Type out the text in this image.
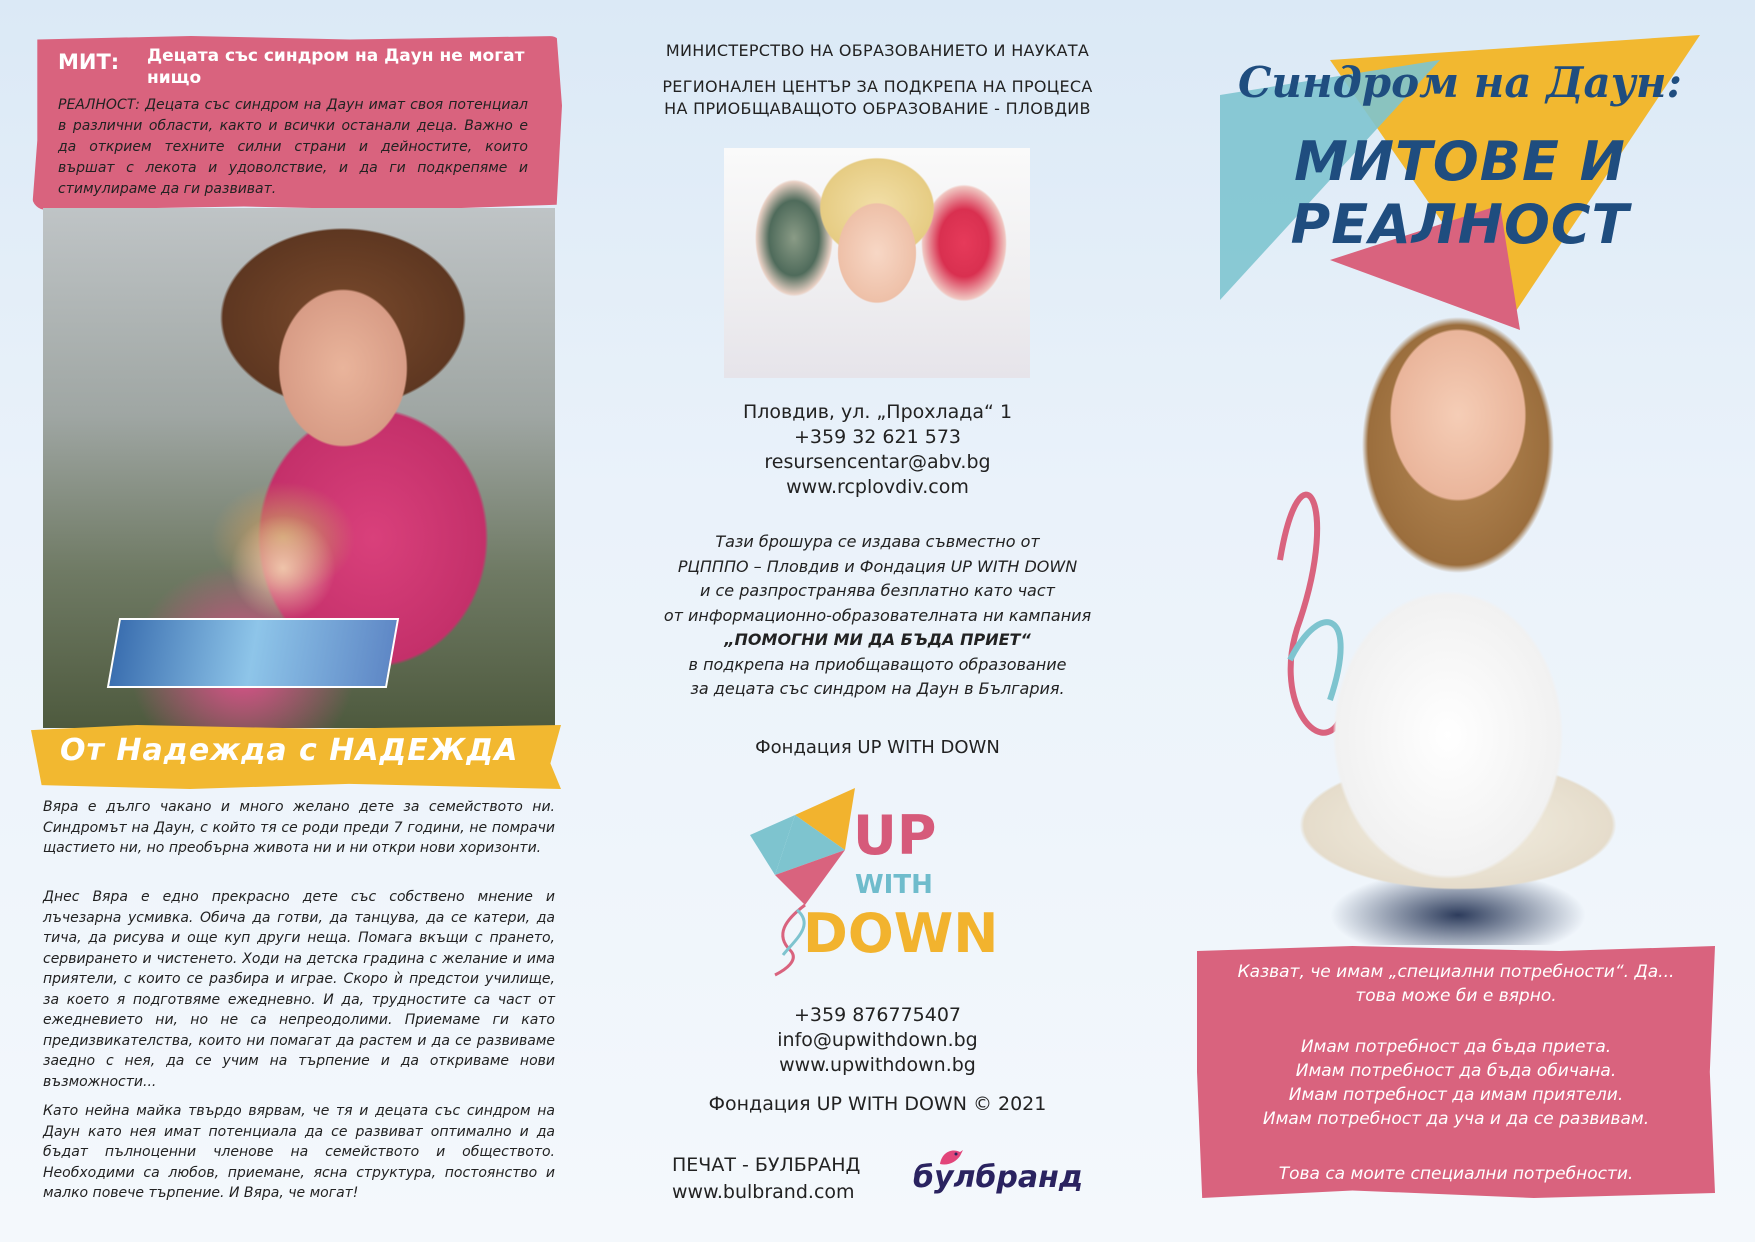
МИТ: Децата със синдром на Даун не могат нищо
РЕАЛНОСТ: Децата със синдром на Даун имат своя потенциал в различни области, както и всички останали деца. Важно е да открием техните силни страни и дейностите, които вършат с лекота и удоволствие, и да ги подкрепяме и стимулираме да ги развиват.
От Надежда с НАДЕЖДА

Вяра е дълго чакано и много желано дете за семейството ни. Синдромът на Даун, с който тя се роди преди 7 години, не помрачи щастието ни, но преобърна живота ни и ни откри нови хоризонти.

Днес Вяра е едно прекрасно дете със собствено мнение и лъчезарна усмивка. Обича да готви, да танцува, да се катери, да тича, да рисува и още куп други неща. Помага вкъщи с прането, сервирането и чистенето. Ходи на детска градина с желание и има приятели, с които се разбира и играе. Скоро ѝ предстои училище, за което я подготвяме ежедневно. И да, трудностите са част от ежедневието ни, но не са непреодолими. Приемаме ги като предизвикателства, които ни помагат да растем и да се развиваме заедно с нея, да се учим на търпение и да откриваме нови възможности...

Като нейна майка твърдо вярвам, че тя и децата със синдром на Даун като нея имат потенциала да се развиват оптимално и да бъдат пълноценни членове на семейството и обществото. Необходими са любов, приемане, ясна структура, постоянство и малко повече търпение. И Вяра, че могат!

МИНИСТЕРСТВО НА ОБРАЗОВАНИЕТО И НАУКАТА
РЕГИОНАЛЕН ЦЕНТЪР ЗА ПОДКРЕПА НА ПРОЦЕСА
НА ПРИОБЩАВАЩОТО ОБРАЗОВАНИЕ - ПЛОВДИВ
Пловдив, ул. „Прохлада“ 1
+359 32 621 573
resursencentar@abv.bg
www.rcplovdiv.com
Тази брошура се издава съвместно от
РЦПППО – Пловдив и Фондация UP WITH DOWN
и се разпространява безплатно като част
от информационно-образователната ни кампания
„ПОМОГНИ МИ ДА БЪДА ПРИЕТ“
в подкрепа на приобщаващото образование
за децата със синдром на Даун в България.
Фондация UP WITH DOWN
UP
WITH
DOWN
+359 876775407
info@upwithdown.bg
www.upwithdown.bg
Фондация UP WITH DOWN © 2021
ПЕЧАТ - БУЛБРАНД
www.bulbrand.com булбранд
Синдром на Даун:
МИТОВЕ И РЕАЛНОСТ
Казват, че имам „специални потребности“. Да... това може би е вярно.
Имам потребност да бъда приета.
Имам потребност да бъда обичана.
Имам потребност да имам приятели.
Имам потребност да уча и да се развивам.
Това са моите специални потребности.
